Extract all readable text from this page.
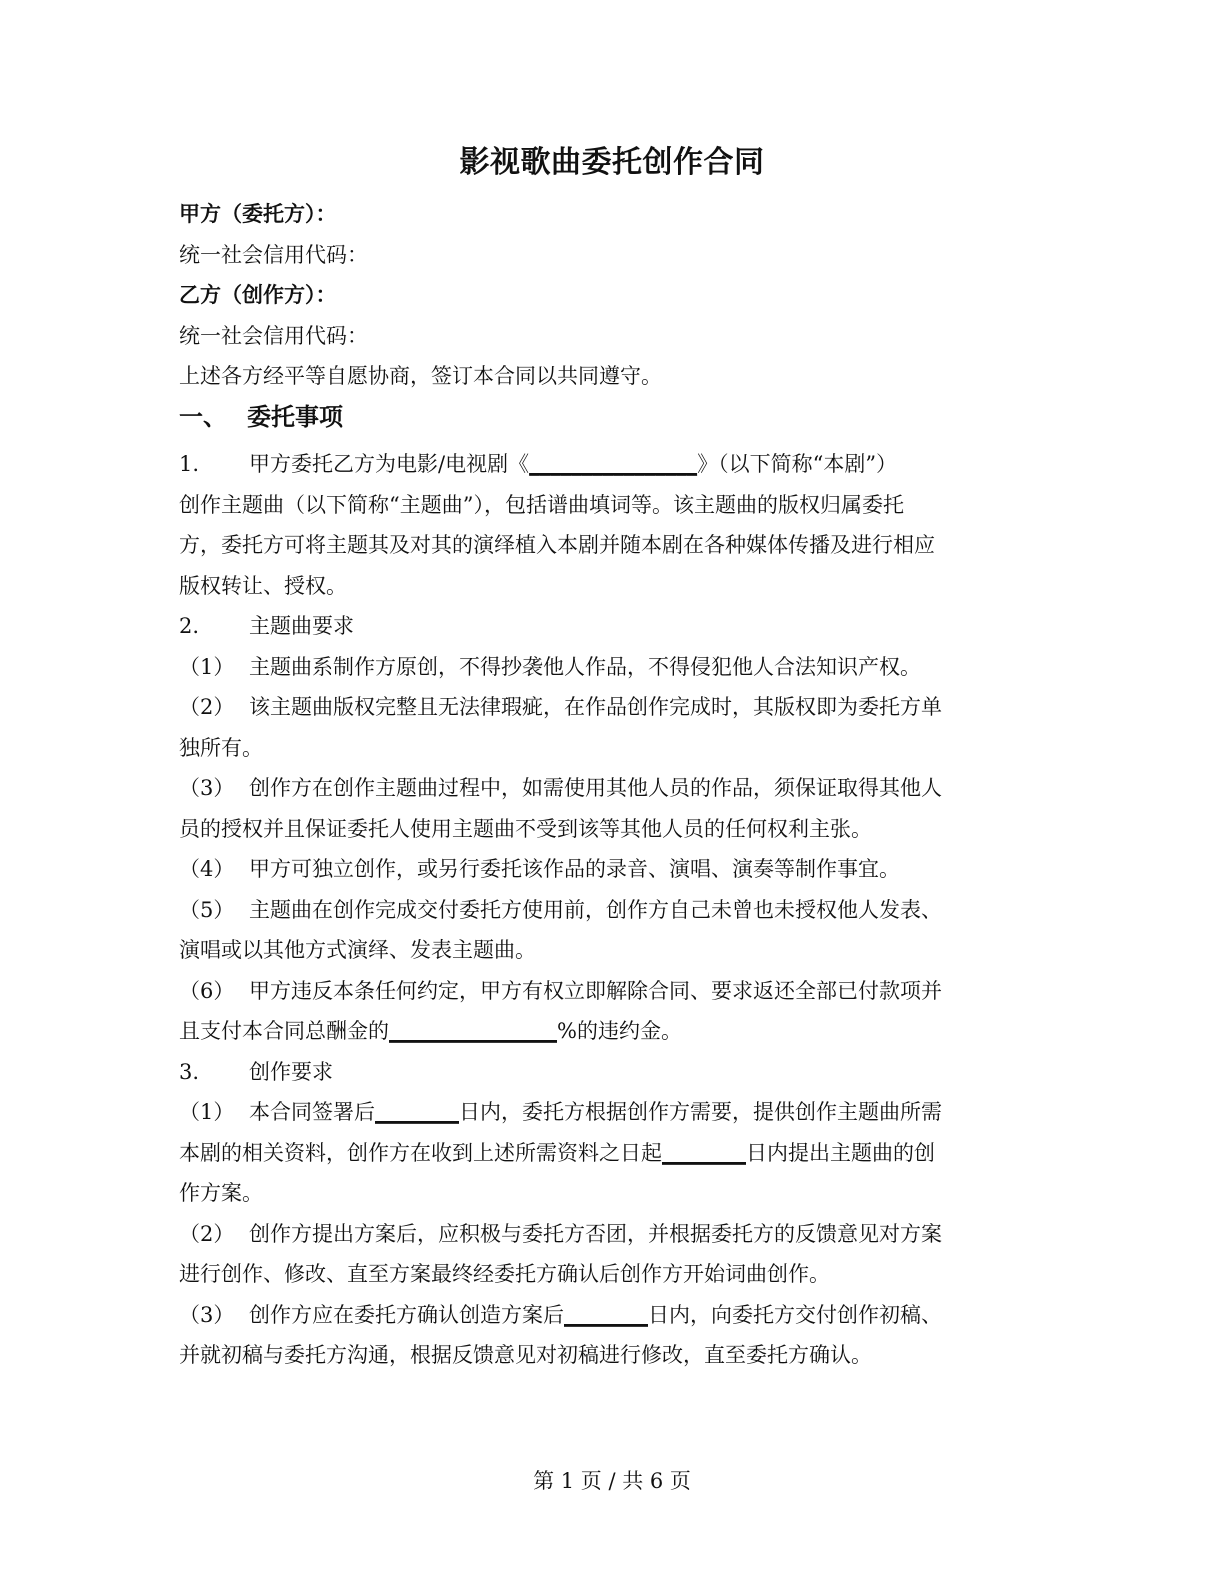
影视歌曲委托创作合同
甲方（委托方）：
统一社会信用代码：
乙方（创作方）：
统一社会信用代码：
上述各方经平等自愿协商，签订本合同以共同遵守。
一、 委托事项
1. 甲方委托乙方为电影/电视剧《________________》（以下简称“本剧”）
创作主题曲（以下简称“主题曲”），包括谱曲填词等。该主题曲的版权归属委托
方，委托方可将主题其及对其的演绎植入本剧并随本剧在各种媒体传播及进行相应
版权转让、授权。
2. 主题曲要求
（1） 主题曲系制作方原创，不得抄袭他人作品，不得侵犯他人合法知识产权。
（2） 该主题曲版权完整且无法律瑕疵，在作品创作完成时，其版权即为委托方单
独所有。
（3） 创作方在创作主题曲过程中，如需使用其他人员的作品，须保证取得其他人
员的授权并且保证委托人使用主题曲不受到该等其他人员的任何权利主张。
（4） 甲方可独立创作，或另行委托该作品的录音、演唱、演奏等制作事宜。
（5） 主题曲在创作完成交付委托方使用前，创作方自己未曾也未授权他人发表、
演唱或以其他方式演绎、发表主题曲。
（6） 甲方违反本条任何约定，甲方有权立即解除合同、要求返还全部已付款项并
且支付本合同总酬金的________________%的违约金。
3. 创作要求
（1） 本合同签署后________日内，委托方根据创作方需要，提供创作主题曲所需
本剧的相关资料，创作方在收到上述所需资料之日起________日内提出主题曲的创
作方案。
（2） 创作方提出方案后，应积极与委托方否团，并根据委托方的反馈意见对方案
进行创作、修改、直至方案最终经委托方确认后创作方开始词曲创作。
（3） 创作方应在委托方确认创造方案后________日内，向委托方交付创作初稿、
并就初稿与委托方沟通，根据反馈意见对初稿进行修改，直至委托方确认。
第 1 页 / 共 6 页
